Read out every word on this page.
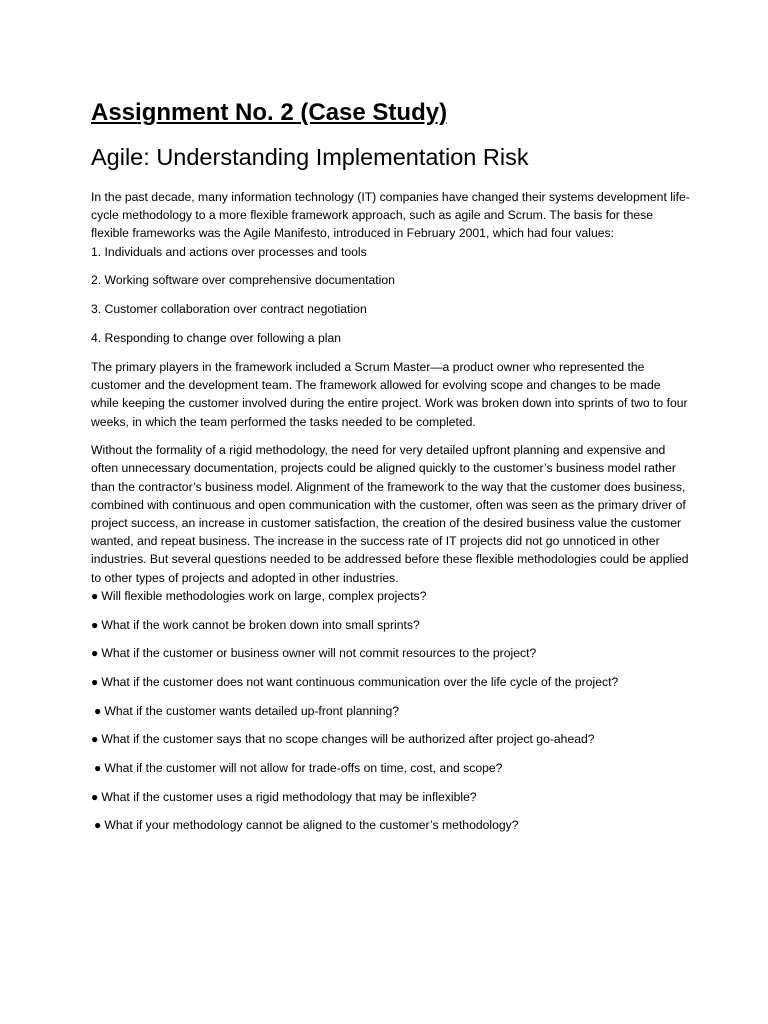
Assignment No. 2 (Case Study)
Agile: Understanding Implementation Risk

In the past decade, many information technology (IT) companies have changed their systems development life-cycle methodology to a more flexible framework approach, such as agile and Scrum. The basis for these flexible frameworks was the Agile Manifesto, introduced in February 2001, which had four values:

1. Individuals and actions over processes and tools
2. Working software over comprehensive documentation
3. Customer collaboration over contract negotiation
4. Responding to change over following a plan

The primary players in the framework included a Scrum Master—a product owner who represented the customer and the development team. The framework allowed for evolving scope and changes to be made while keeping the customer involved during the entire project. Work was broken down into sprints of two to four weeks, in which the team performed the tasks needed to be completed.

Without the formality of a rigid methodology, the need for very detailed upfront planning and expensive and often unnecessary documentation, projects could be aligned quickly to the customer’s business model rather than the contractor’s business model. Alignment of the framework to the way that the customer does business, combined with continuous and open communication with the customer, often was seen as the primary driver of project success, an increase in customer satisfaction, the creation of the desired business value the customer wanted, and repeat business. The increase in the success rate of IT projects did not go unnoticed in other industries. But several questions needed to be addressed before these flexible methodologies could be applied to other types of projects and adopted in other industries.

● Will flexible methodologies work on large, complex projects?
● What if the work cannot be broken down into small sprints?
● What if the customer or business owner will not commit resources to the project?
● What if the customer does not want continuous communication over the life cycle of the project?
● What if the customer wants detailed up-front planning?
● What if the customer says that no scope changes will be authorized after project go-ahead?
● What if the customer will not allow for trade-offs on time, cost, and scope?
● What if the customer uses a rigid methodology that may be inflexible?
● What if your methodology cannot be aligned to the customer’s methodology?
